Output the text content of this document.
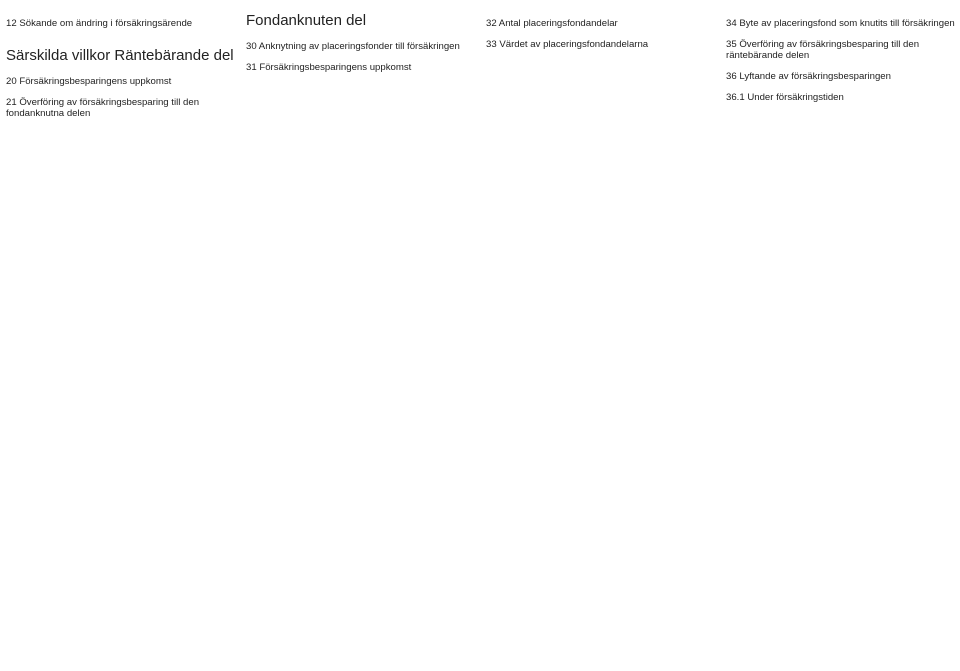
12 Sökande om ändring i försäkringsärende
Särskilda villkor Räntebärande del
20 Försäkringsbesparingens uppkomst
21 Överföring av försäkringsbesparing till den fondanknutna delen
Fondanknuten del
30 Anknytning av placeringsfonder till försäkringen
31 Försäkringsbesparingens uppkomst
32 Antal placeringsfondandelar
33 Värdet av placeringsfondandelarna
34 Byte av placeringsfond som knutits till försäkringen
35 Överföring av försäkringsbesparing till den räntebärande delen
36 Lyftande av försäkringsbesparingen
36.1 Under försäkringstiden
